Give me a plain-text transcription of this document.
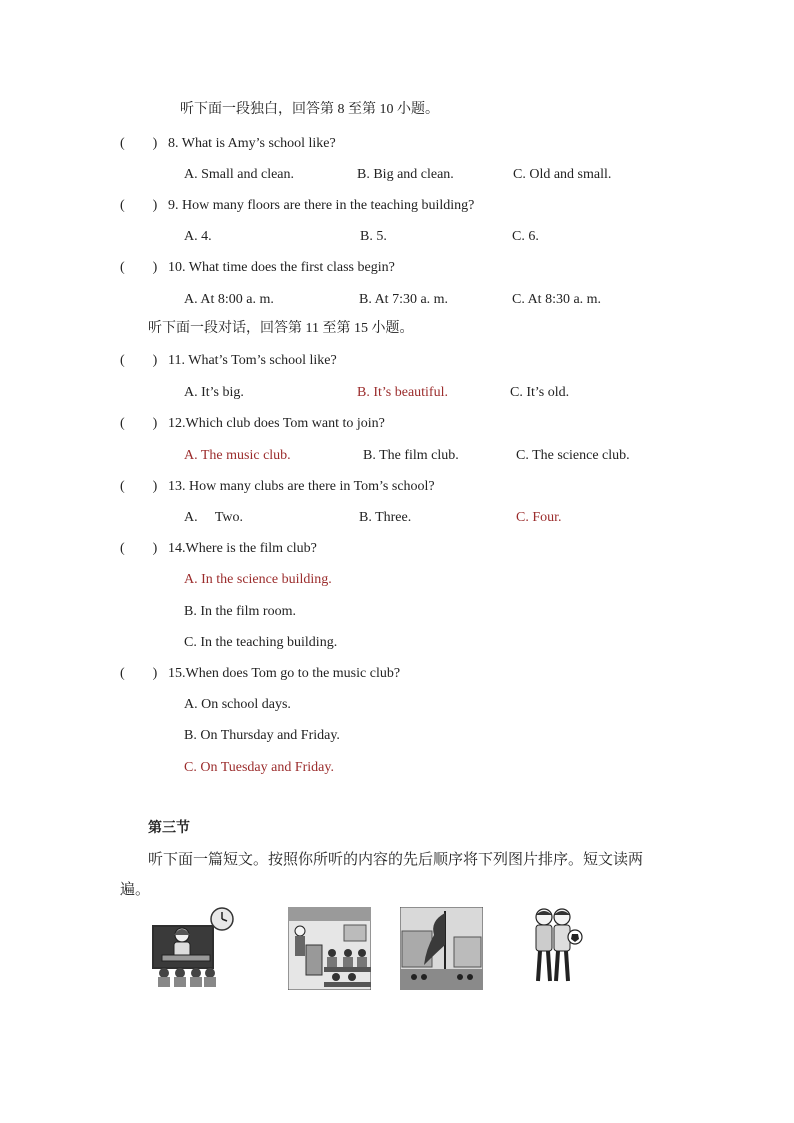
听下面一段独白，回答第 8 至第 10 小题。
(        ) 8. What is Amy’s school like?
A. Small and clean.	B. Big and clean.	C. Old and small.
(        ) 9. How many floors are there in the teaching building?
A. 4.	B. 5.	C. 6.
(        ) 10. What time does the first class begin?
A. At 8:00 a. m.	B. At 7:30 a. m.	C. At 8:30 a. m.
听下面一段对话，回答第 11 至第 15 小题。
(        ) 11. What’s Tom’s school like?
A. It’s big.	B. It’s beautiful.	C. It’s old.
(        ) 12.Which club does Tom want to join?
A. The music club.	B. The film club.	C. The science club.
(        ) 13. How many clubs are there in Tom’s school?
A.     Two.	B. Three.	C. Four.
(        ) 14.Where is the film club?
A. In the science building.
B. In the film room.
C. In the teaching building.
(        ) 15.When does Tom go to the music club?
A. On school days.
B. On Thursday and Friday.
C. On Tuesday and Friday.
第三节
听下面一篇短文。按照你所听的内容的先后顺序将下列图片排序。短文读两
遍。
